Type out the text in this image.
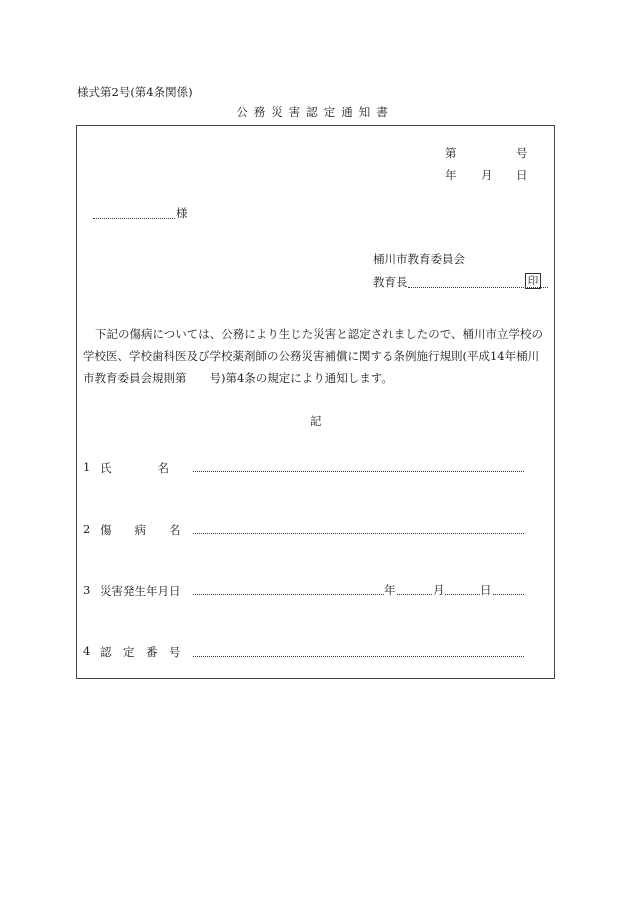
様式第2号(第4条関係)
公務災害認定通知書
第	号
年 月 日
様
桶川市教育委員会
教育長	印
下記の傷病については、公務により生じた災害と認定されましたので、桶川市立学校の
学校医、学校歯科医及び学校薬剤師の公務災害補償に関する条例施行規則(平成14年桶川
市教育委員会規則第　　号)第4条の規定により通知します。
記
1 氏　　　　名
2 傷　　病　　名
3 災害発生年月日	年	月	日
4 認　定　番　号
